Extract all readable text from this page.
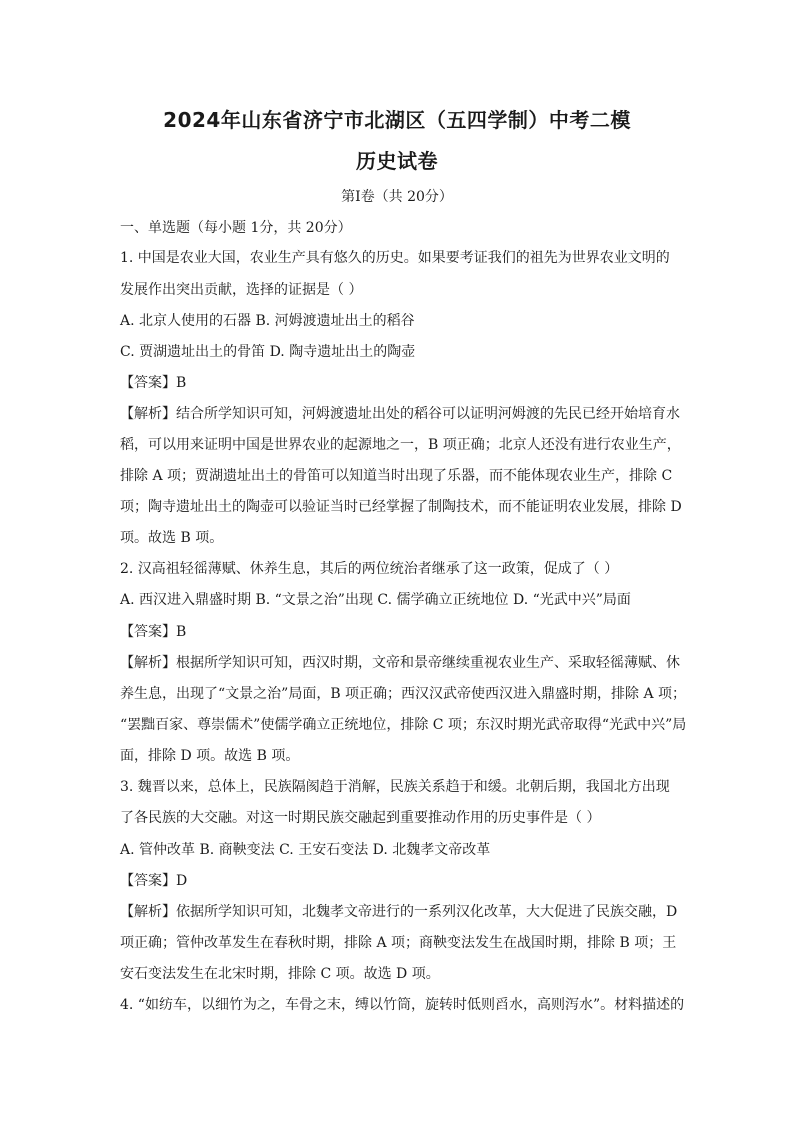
2024年山东省济宁市北湖区（五四学制）中考二模
历史试卷
第Ⅰ卷（共 20分）
一、单选题（每小题 1分，共 20分）
1. 中国是农业大国，农业生产具有悠久的历史。如果要考证我们的祖先为世界农业文明的
发展作出突出贡献，选择的证据是（ ）
A. 北京人使用的石器 B. 河姆渡遗址出土的稻谷
C. 贾湖遗址出土的骨笛 D. 陶寺遗址出土的陶壶
【答案】B
【解析】结合所学知识可知，河姆渡遗址出处的稻谷可以证明河姆渡的先民已经开始培育水
稻，可以用来证明中国是世界农业的起源地之一，B 项正确；北京人还没有进行农业生产，
排除 A 项；贾湖遗址出土的骨笛可以知道当时出现了乐器，而不能体现农业生产，排除 C
项；陶寺遗址出土的陶壶可以验证当时已经掌握了制陶技术，而不能证明农业发展，排除 D
项。故选 B 项。
2. 汉高祖轻徭薄赋、休养生息，其后的两位统治者继承了这一政策，促成了（ ）
A. 西汉进入鼎盛时期 B. “文景之治”出现 C. 儒学确立正统地位 D. “光武中兴”局面
【答案】B
【解析】根据所学知识可知，西汉时期，文帝和景帝继续重视农业生产、采取轻徭薄赋、休
养生息，出现了“文景之治”局面，B 项正确；西汉汉武帝使西汉进入鼎盛时期，排除 A 项；
“罢黜百家、尊崇儒术”使儒学确立正统地位，排除 C 项；东汉时期光武帝取得“光武中兴”局
面，排除 D 项。故选 B 项。
3. 魏晋以来，总体上，民族隔阂趋于消解，民族关系趋于和缓。北朝后期，我国北方出现
了各民族的大交融。对这一时期民族交融起到重要推动作用的历史事件是（ ）
A. 管仲改革 B. 商鞅变法 C. 王安石变法 D. 北魏孝文帝改革
【答案】D
【解析】依据所学知识可知，北魏孝文帝进行的一系列汉化改革，大大促进了民族交融，D
项正确；管仲改革发生在春秋时期，排除 A 项；商鞅变法发生在战国时期，排除 B 项；王
安石变法发生在北宋时期，排除 C 项。故选 D 项。
4. “如纺车，以细竹为之，车骨之末，缚以竹筒，旋转时低则舀水，高则泻水”。材料描述的
